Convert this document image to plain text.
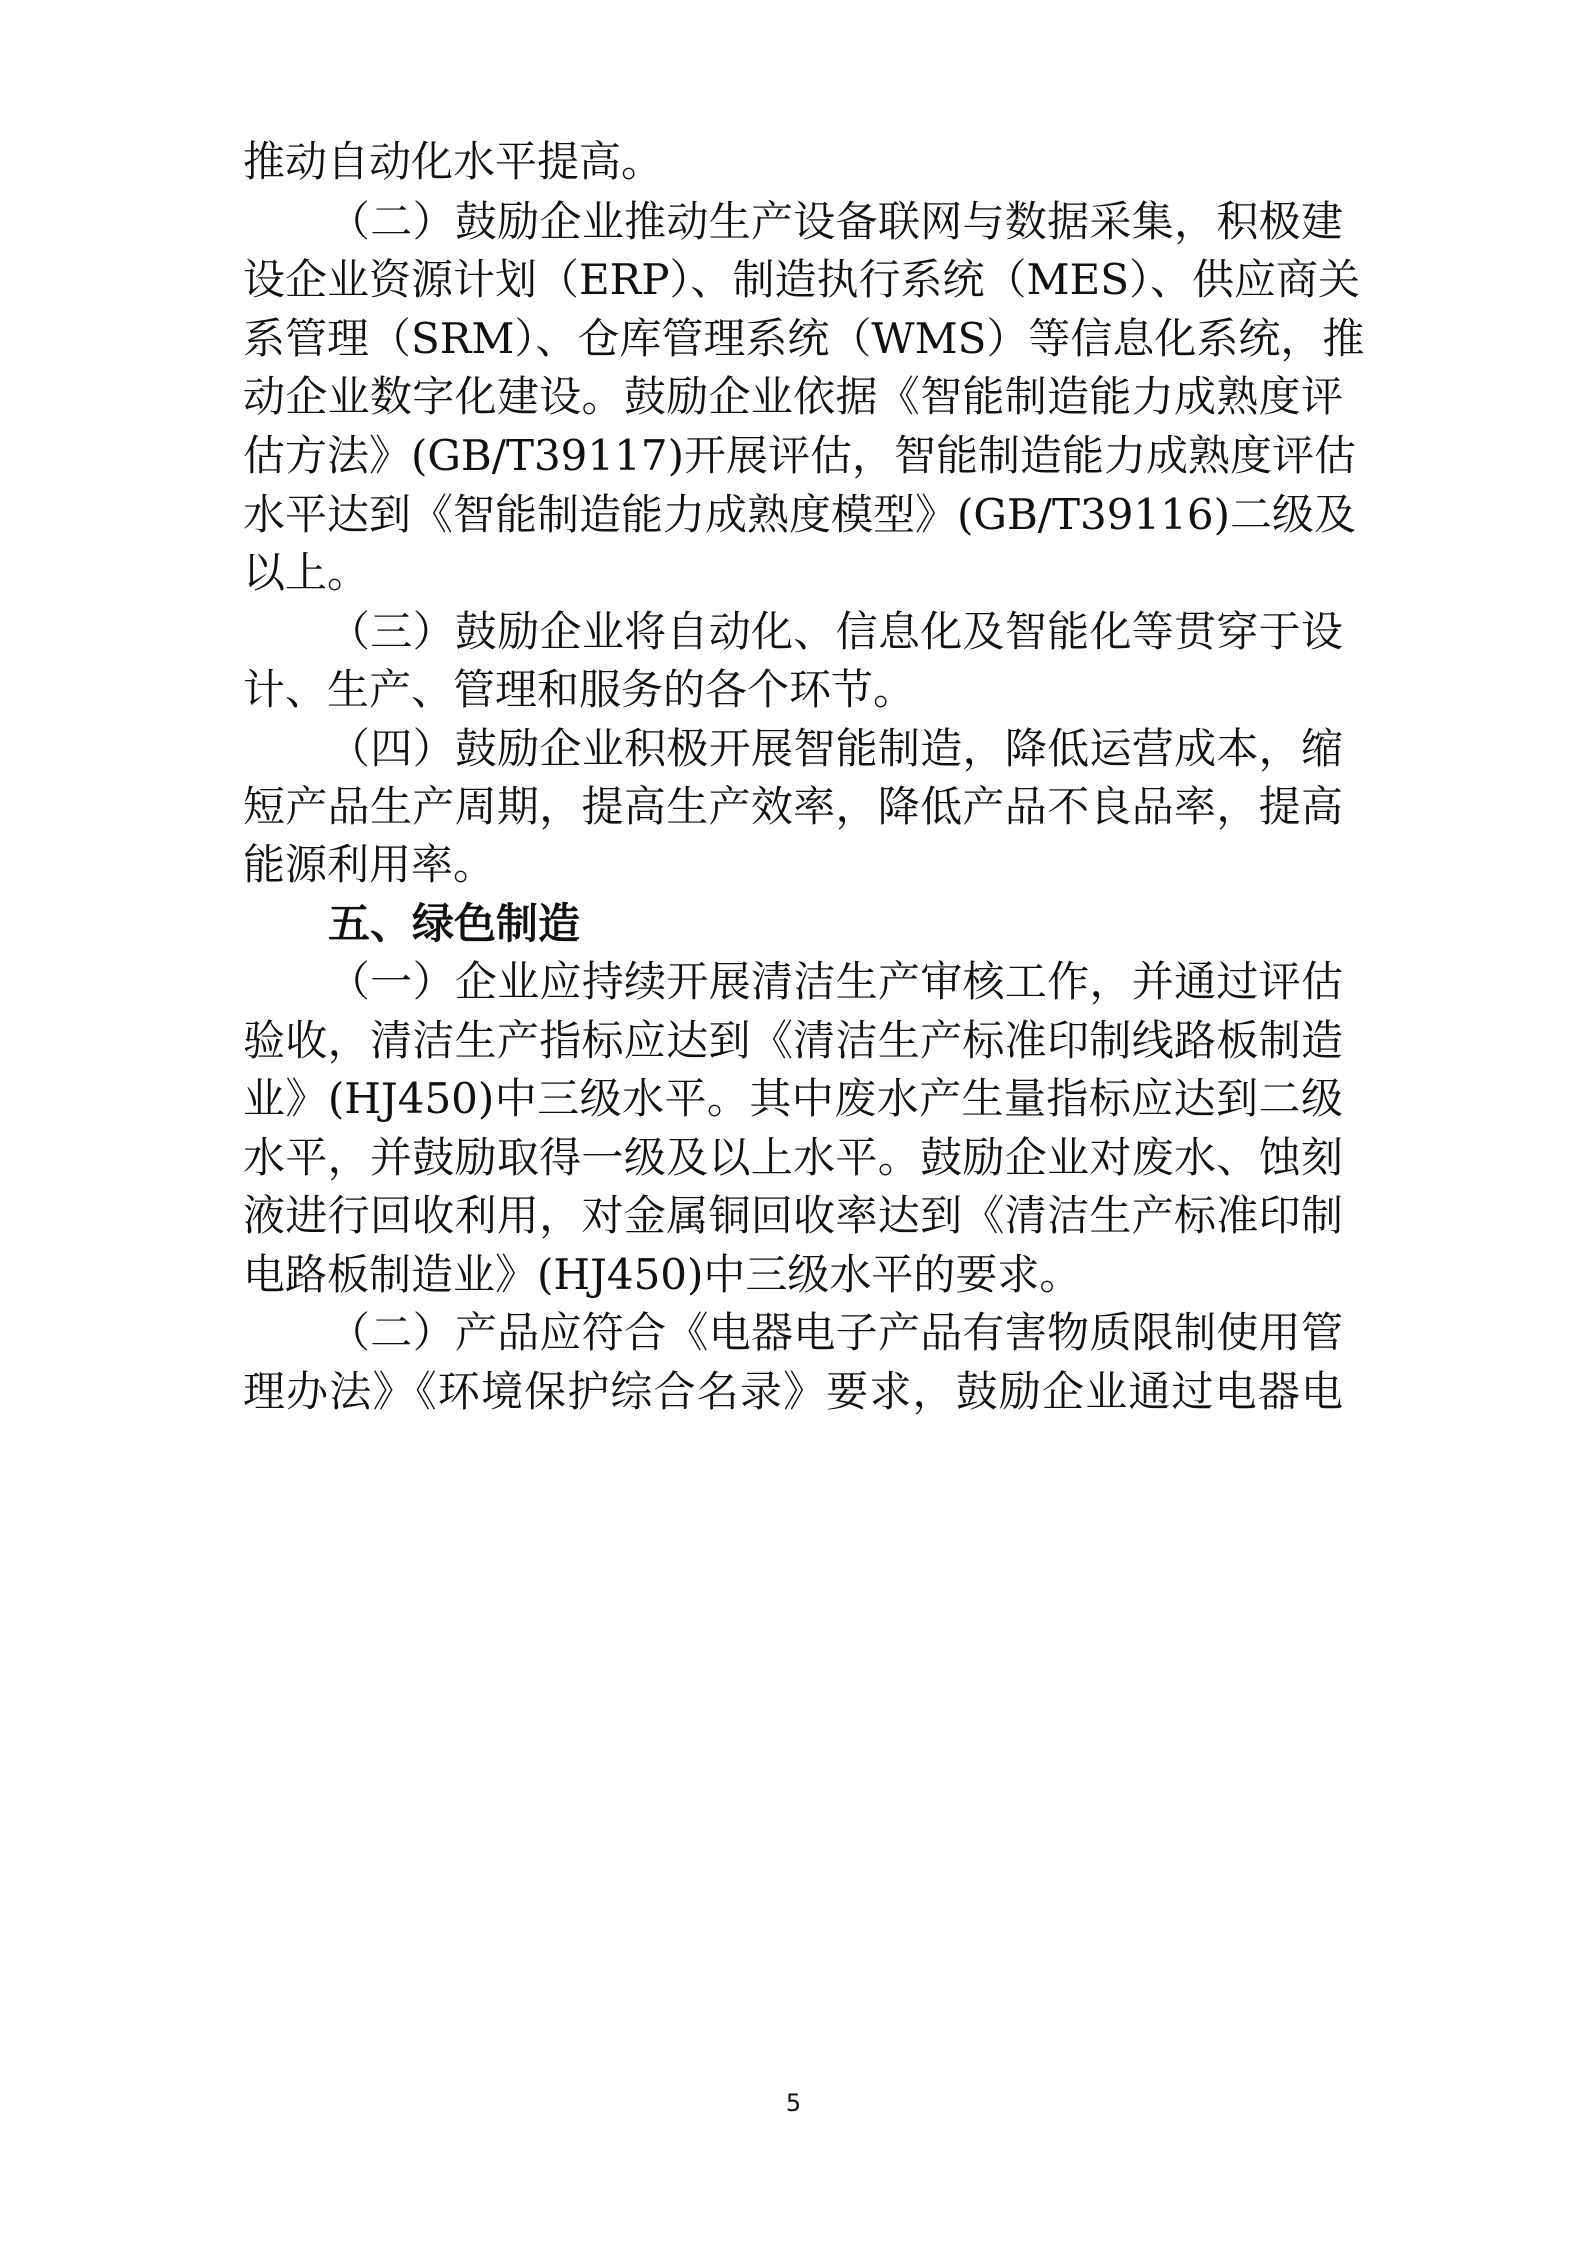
推动自动化水平提高。
（二）鼓励企业推动生产设备联网与数据采集，积极建
设企业资源计划（ERP）、制造执行系统（MES）、供应商关
系管理（SRM）、仓库管理系统（WMS）等信息化系统，推
动企业数字化建设。鼓励企业依据《智能制造能力成熟度评
估方法》(GB/T39117)开展评估，智能制造能力成熟度评估
水平达到《智能制造能力成熟度模型》(GB/T39116)二级及
以上。
（三）鼓励企业将自动化、信息化及智能化等贯穿于设
计、生产、管理和服务的各个环节。
（四）鼓励企业积极开展智能制造，降低运营成本，缩
短产品生产周期，提高生产效率，降低产品不良品率，提高
能源利用率。
五、绿色制造
（一）企业应持续开展清洁生产审核工作，并通过评估
验收，清洁生产指标应达到《清洁生产标准印制线路板制造
业》(HJ450)中三级水平。其中废水产生量指标应达到二级
水平，并鼓励取得一级及以上水平。鼓励企业对废水、蚀刻
液进行回收利用，对金属铜回收率达到《清洁生产标准印制
电路板制造业》(HJ450)中三级水平的要求。
（二）产品应符合《电器电子产品有害物质限制使用管
理办法》《环境保护综合名录》要求，鼓励企业通过电器电
5
